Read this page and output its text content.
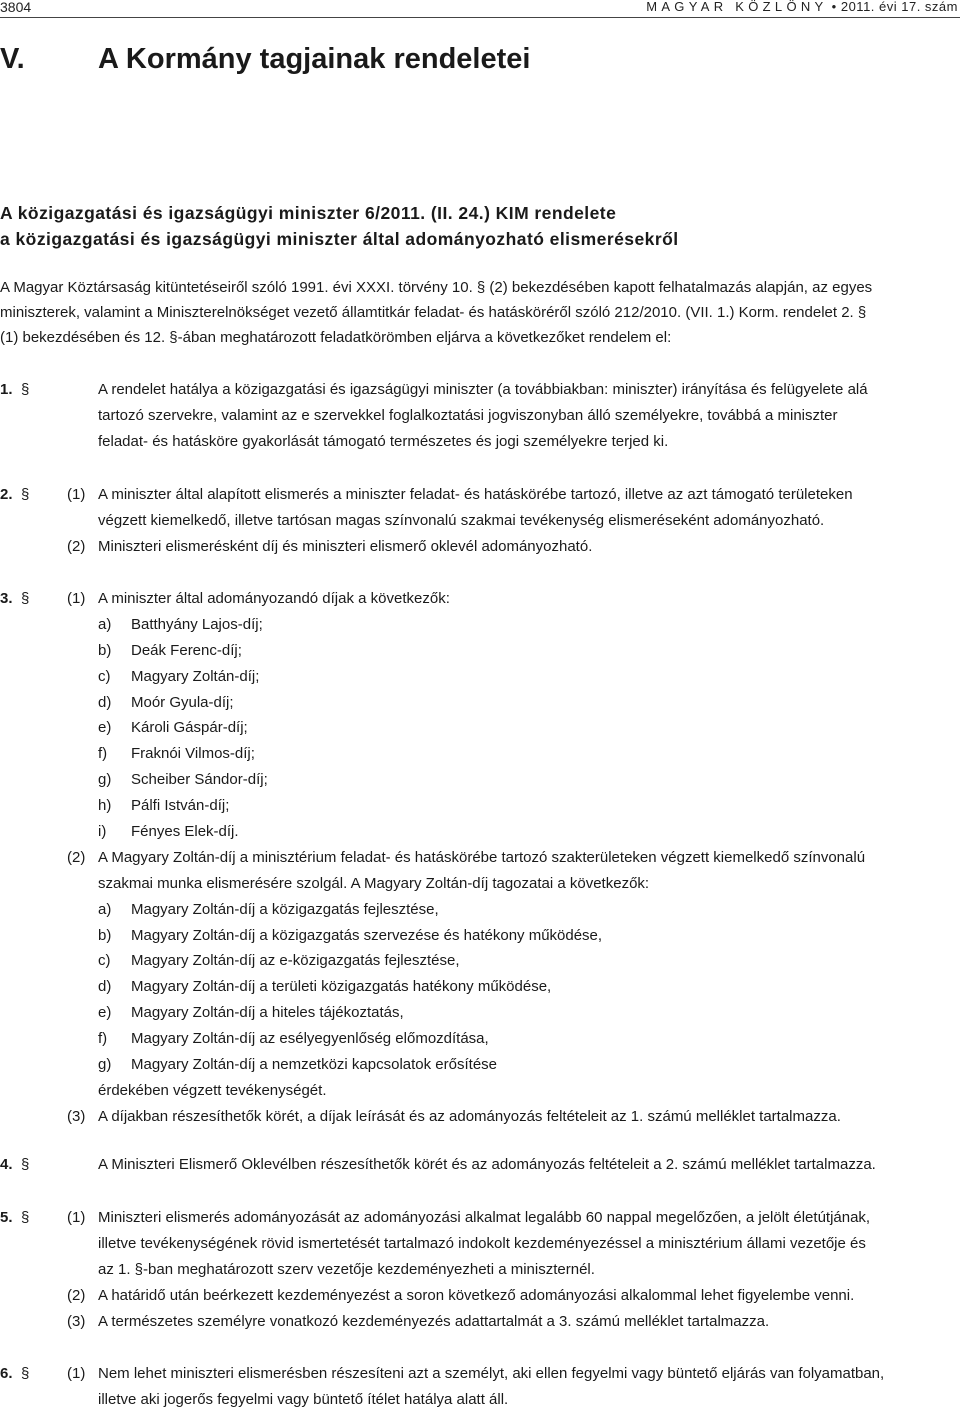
3804	MAGYAR KÖZLÖNY • 2011. évi 17. szám
V.	A Kormány tagjainak rendeletei
A közigazgatási és igazságügyi miniszter 6/2011. (II. 24.) KIM rendelete
a közigazgatási és igazságügyi miniszter által adományozható elismerésekről
A Magyar Köztársaság kitüntetéseiről szóló 1991. évi XXXI. törvény 10. § (2) bekezdésében kapott felhatalmazás alapján, az egyes
miniszterek, valamint a Miniszterelnökséget vezető államtitkár feladat- és hatásköréről szóló 212/2010. (VII. 1.) Korm. rendelet 2. §
(1) bekezdésében és 12. §-ában meghatározott feladatkörömben eljárva a következőket rendelem el:
1. §	A rendelet hatálya a közigazgatási és igazságügyi miniszter (a továbbiakban: miniszter) irányítása és felügyelete alá
tartozó szervekre, valamint az e szervekkel foglalkoztatási jogviszonyban álló személyekre, továbbá a miniszter
feladat- és hatásköre gyakorlását támogató természetes és jogi személyekre terjed ki.
2. §	(1) A miniszter által alapított elismerés a miniszter feladat- és hatáskörébe tartozó, illetve az azt támogató területeken
végzett kiemelkedő, illetve tartósan magas színvonalú szakmai tevékenység elismeréseként adományozható.
(2) Miniszteri elismerésként díj és miniszteri elismerő oklevél adományozható.
3. §	(1) A miniszter által adományozandó díjak a következők:
a) Batthyány Lajos-díj;
b) Deák Ferenc-díj;
c) Magyary Zoltán-díj;
d) Moór Gyula-díj;
e) Károli Gáspár-díj;
f) Fraknói Vilmos-díj;
g) Scheiber Sándor-díj;
h) Pálfi István-díj;
i) Fényes Elek-díj.
(2) A Magyary Zoltán-díj a minisztérium feladat- és hatáskörébe tartozó szakterületeken végzett kiemelkedő színvonalú
szakmai munka elismerésére szolgál. A Magyary Zoltán-díj tagozatai a következők:
a) Magyary Zoltán-díj a közigazgatás fejlesztése,
b) Magyary Zoltán-díj a közigazgatás szervezése és hatékony működése,
c) Magyary Zoltán-díj az e-közigazgatás fejlesztése,
d) Magyary Zoltán-díj a területi közigazgatás hatékony működése,
e) Magyary Zoltán-díj a hiteles tájékoztatás,
f) Magyary Zoltán-díj az esélyegyenlőség előmozdítása,
g) Magyary Zoltán-díj a nemzetközi kapcsolatok erősítése
érdekében végzett tevékenységét.
(3) A díjakban részesíthetők körét, a díjak leírását és az adományozás feltételeit az 1. számú melléklet tartalmazza.
4. §	A Miniszteri Elismerő Oklevélben részesíthetők körét és az adományozás feltételeit a 2. számú melléklet tartalmazza.
5. §	(1) Miniszteri elismerés adományozását az adományozási alkalmat legalább 60 nappal megelőzően, a jelölt életútjának,
illetve tevékenységének rövid ismertetését tartalmazó indokolt kezdeményezéssel a minisztérium állami vezetője és
az 1. §-ban meghatározott szerv vezetője kezdeményezheti a miniszternél.
(2) A határidő után beérkezett kezdeményezést a soron következő adományozási alkalommal lehet figyelembe venni.
(3) A természetes személyre vonatkozó kezdeményezés adattartalmát a 3. számú melléklet tartalmazza.
6. §	(1) Nem lehet miniszteri elismerésben részesíteni azt a személyt, aki ellen fegyelmi vagy büntető eljárás van folyamatban,
illetve aki jogerős fegyelmi vagy büntető ítélet hatálya alatt áll.
